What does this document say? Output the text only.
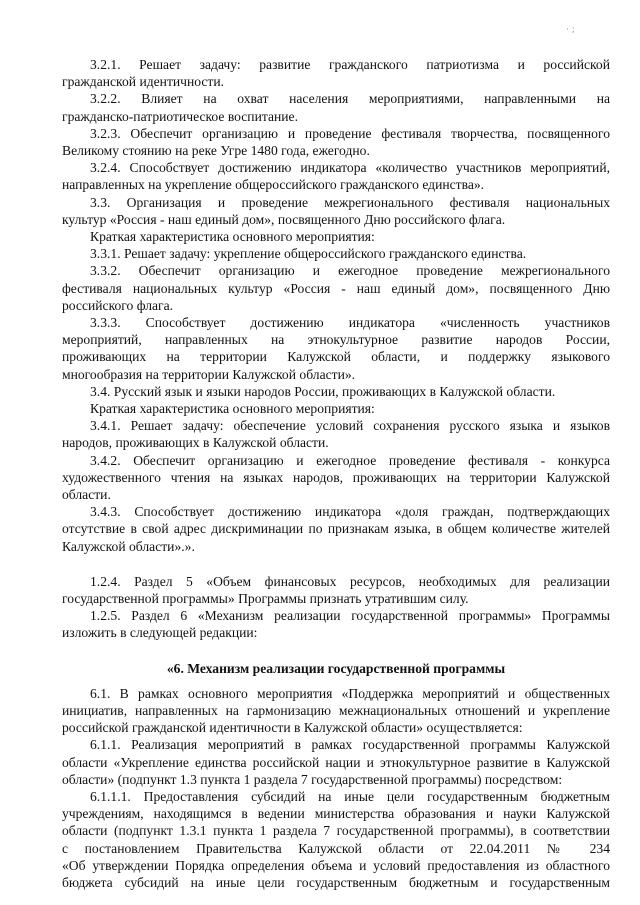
· ;
3.2.1. Решает задачу: развитие гражданского патриотизма и российской
гражданской идентичности.
3.2.2. Влияет на охват населения мероприятиями, направленными на
гражданско-патриотическое воспитание.
3.2.3. Обеспечит организацию и проведение фестиваля творчества, посвященного
Великому стоянию на реке Угре 1480 года, ежегодно.
3.2.4. Способствует достижению индикатора «количество участников мероприятий,
направленных на укрепление общероссийского гражданского единства».
3.3. Организация и проведение межрегионального фестиваля национальных
культур «Россия - наш единый дом», посвященного Дню российского флага.
Краткая характеристика основного мероприятия:
3.3.1. Решает задачу: укрепление общероссийского гражданского единства.
3.3.2. Обеспечит организацию и ежегодное проведение межрегионального
фестиваля национальных культур «Россия - наш единый дом», посвященного Дню
российского флага.
3.3.3. Способствует достижению индикатора «численность участников
мероприятий, направленных на этнокультурное развитие народов России,
проживающих на территории Калужской области, и поддержку языкового
многообразия на территории Калужской области».
3.4. Русский язык и языки народов России, проживающих в Калужской области.
Краткая характеристика основного мероприятия:
3.4.1. Решает задачу: обеспечение условий сохранения русского языка и языков
народов, проживающих в Калужской области.
3.4.2. Обеспечит организацию и ежегодное проведение фестиваля - конкурса
художественного чтения на языках народов, проживающих на территории Калужской
области.
3.4.3. Способствует достижению индикатора «доля граждан, подтверждающих
отсутствие в свой адрес дискриминации по признакам языка, в общем количестве жителей
Калужской области».».
1.2.4. Раздел 5 «Объем финансовых ресурсов, необходимых для реализации
государственной программы» Программы признать утратившим силу.
1.2.5. Раздел 6 «Механизм реализации государственной программы» Программы
изложить в следующей редакции:
«6. Механизм реализации государственной программы
6.1. В рамках основного мероприятия «Поддержка мероприятий и общественных
инициатив, направленных на гармонизацию межнациональных отношений и укрепление
российской гражданской идентичности в Калужской области» осуществляется:
6.1.1. Реализация мероприятий в рамках государственной программы Калужской
области «Укрепление единства российской нации и этнокультурное развитие в Калужской
области» (подпункт 1.3 пункта 1 раздела 7 государственной программы) посредством:
6.1.1.1. Предоставления субсидий на иные цели государственным бюджетным
учреждениям, находящимся в ведении министерства образования и науки Калужской
области (подпункт 1.3.1 пункта 1 раздела 7 государственной программы), в соответствии
с постановлением Правительства Калужской области от 22.04.2011 № 234
«Об утверждении Порядка определения объема и условий предоставления из областного
бюджета субсидий на иные цели государственным бюджетным и государственным
